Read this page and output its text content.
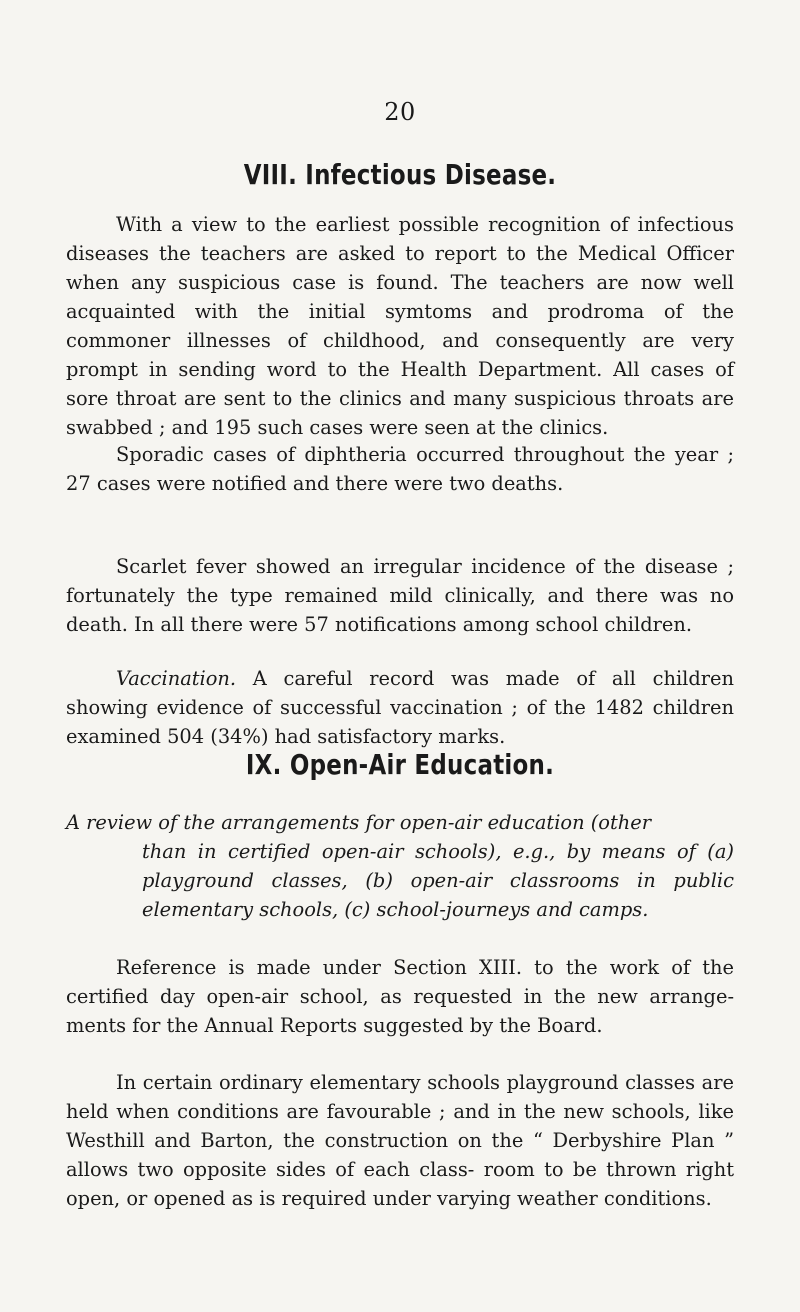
20
VIII. Infectious Disease.

With a view to the earliest possible recognition of infectious diseases the teachers are asked to report to the Medical Officer when any suspicious case is found. The teachers are now well acquainted with the initial symtoms and prodroma of the commoner illnesses of childhood, and consequently are very prompt in sending word to the Health Department. All cases of sore throat are sent to the clinics and many suspicious throats are swabbed ; and 195 such cases were seen at the clinics.

Sporadic cases of diphtheria occurred throughout the year ; 27 cases were notified and there were two deaths.

Scarlet fever showed an irregular incidence of the disease ; fortunately the type remained mild clinically, and there was no death. In all there were 57 notifications among school children.

Vaccination. A careful record was made of all children showing evidence of successful vaccination ; of the 1482 children examined 504 (34%) had satisfactory marks.

IX. Open-Air Education.

A review of the arrangements for open-air education (other
than in certified open-air schools), e.g., by means of (a) playground classes, (b) open-air classrooms in public elementary schools, (c) school-journeys and camps.

Reference is made under Section XIII. to the work of the certified day open-air school, as requested in the new arrange- ments for the Annual Reports suggested by the Board.

In certain ordinary elementary schools playground classes are held when conditions are favourable ; and in the new schools, like Westhill and Barton, the construction on the “ Derbyshire Plan ” allows two opposite sides of each class- room to be thrown right open, or opened as is required under varying weather conditions.
